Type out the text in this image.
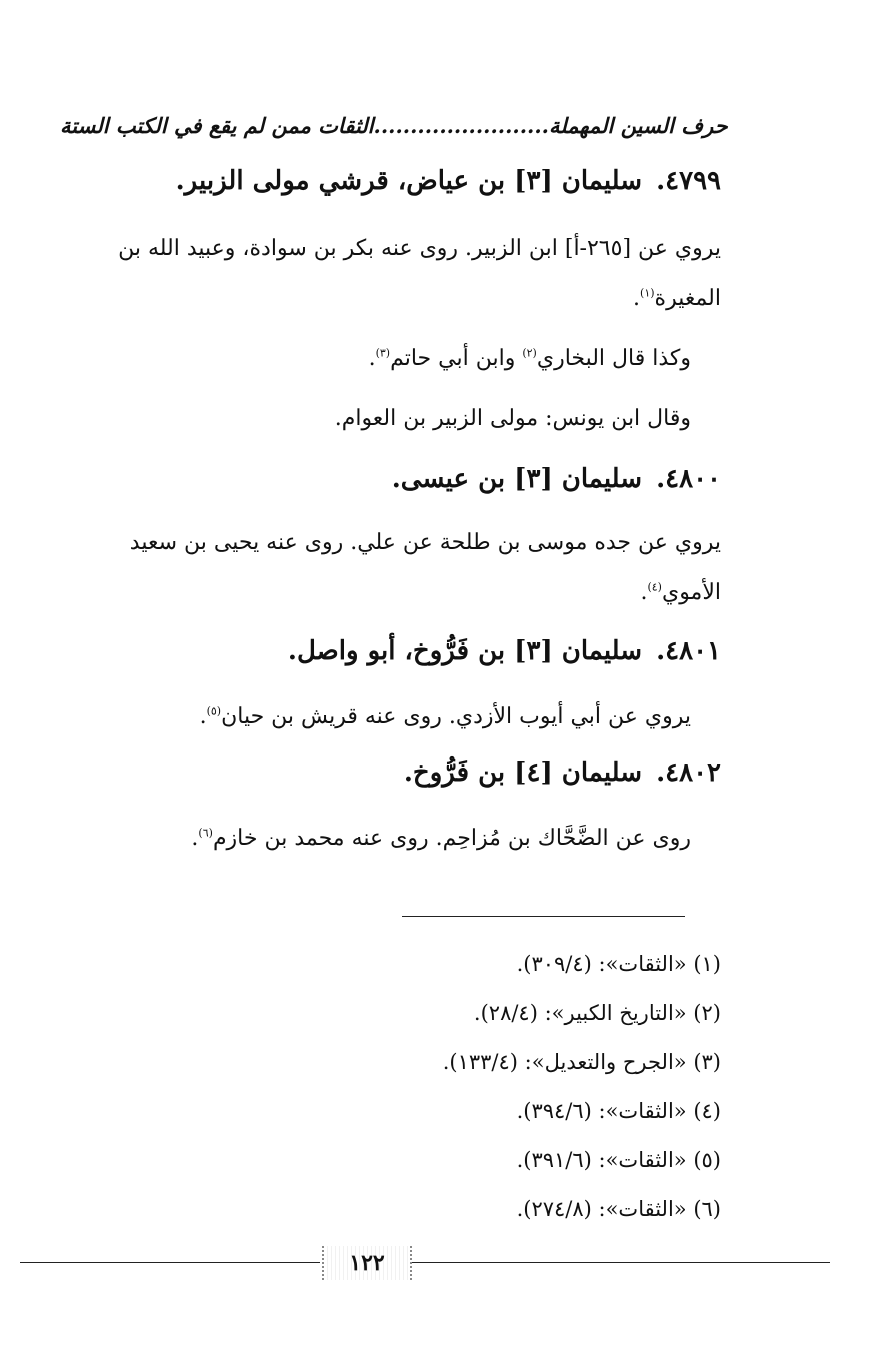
........................الثقات ممن لم يقع في الكتب الستة	حرف السين المهملة
٤٧٩٩.سليمان [٣] بن عياض، قرشي مولى الزبير.
يروي عن [٢٦٥-أ] ابن الزبير. روى عنه بكر بن سوادة، وعبيد الله بن
المغيرة$^{(١)}$.
وكذا قال البخاري$^{(٢)}$ وابن أبي حاتم$^{(٣)}$.
وقال ابن يونس: مولى الزبير بن العوام.
٤٨٠٠.سليمان [٣] بن عيسى.
يروي عن جده موسى بن طلحة عن علي. روى عنه يحيى بن سعيد
الأموي$^{(٤)}$.
٤٨٠١.سليمان [٣] بن فَرُّوخ، أبو واصل.
يروي عن أبي أيوب الأزدي. روى عنه قريش بن حيان$^{(٥)}$.
٤٨٠٢.سليمان [٤] بن فَرُّوخ.
روى عن الضَّحَّاك بن مُزاحِم. روى عنه محمد بن خازم$^{(٦)}$.
(١) «الثقات»: (٣٠٩/٤).
(٢) «التاريخ الكبير»: (٢٨/٤).
(٣) «الجرح والتعديل»: (١٣٣/٤).
(٤) «الثقات»: (٣٩٤/٦).
(٥) «الثقات»: (٣٩١/٦).
(٦) «الثقات»: (٢٧٤/٨).
١٢٢
